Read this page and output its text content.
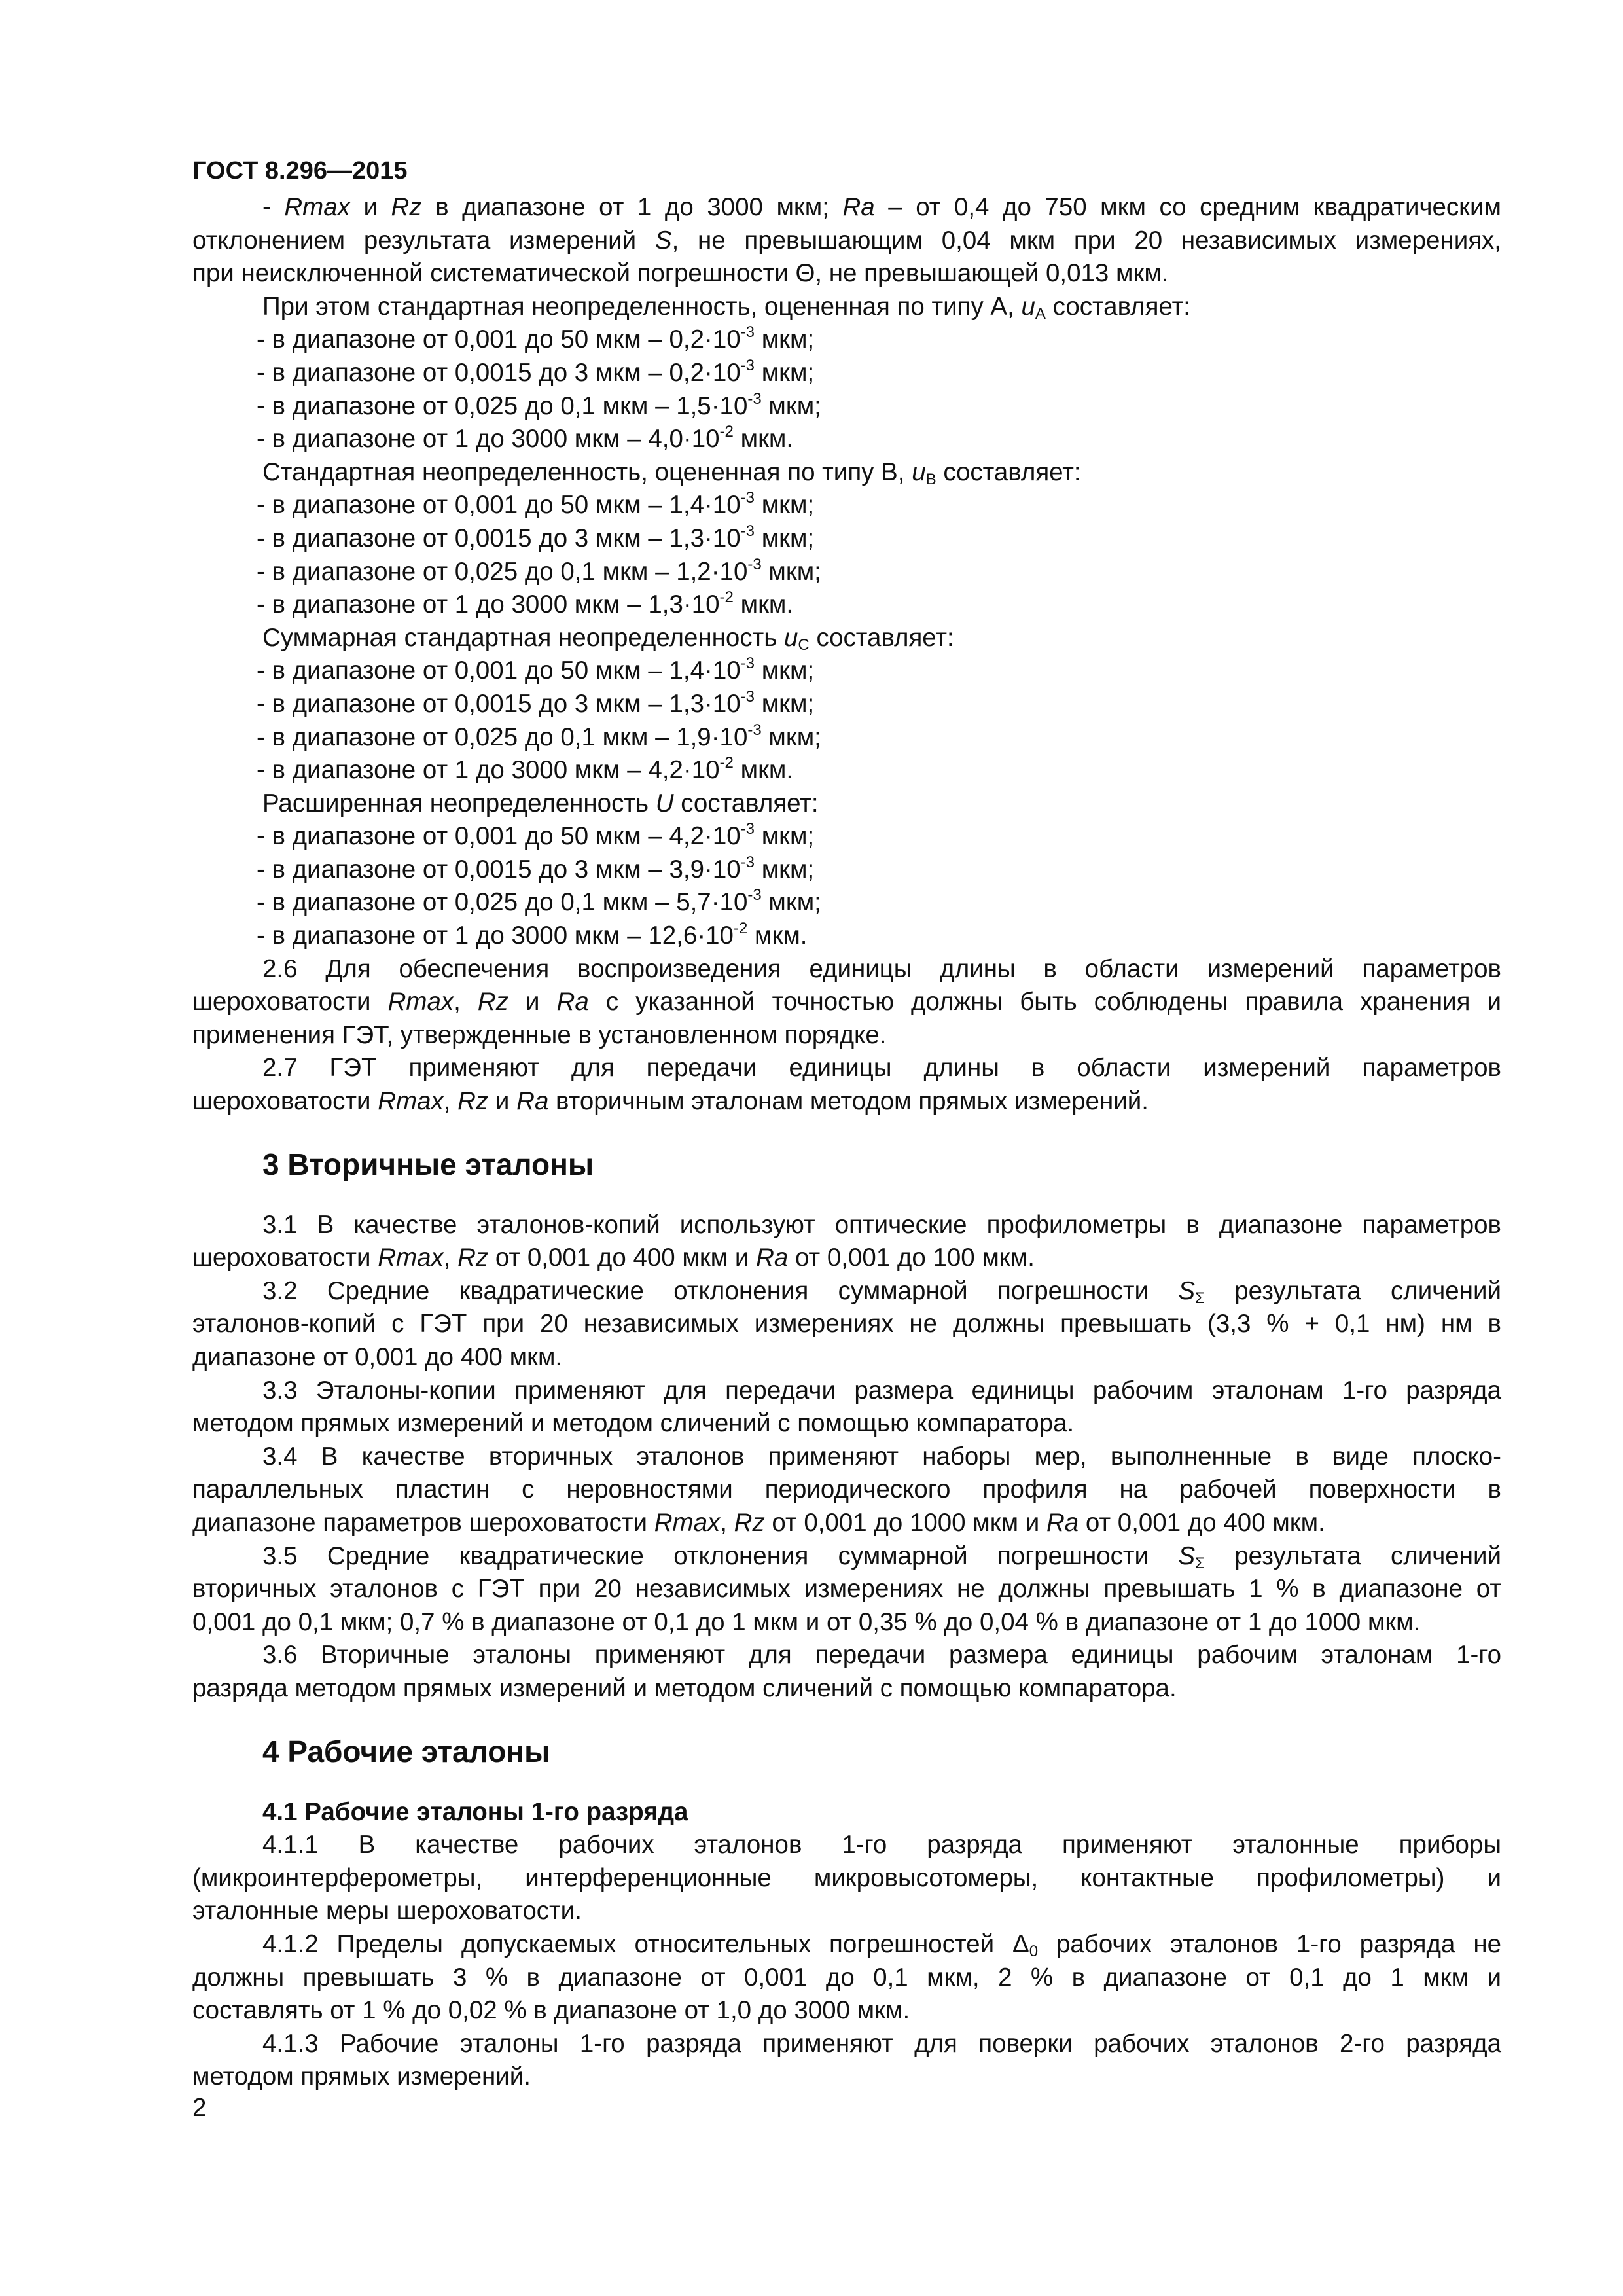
ГОСТ 8.296—2015
- Rmax и Rz в диапазоне от 1 до 3000 мкм; Ra – от 0,4 до 750 мкм со средним квадратическим
отклонением результата измерений S, не превышающим 0,04 мкм при 20 независимых измерениях,
при неисключенной систематической погрешности Θ, не превышающей 0,013 мкм.
При этом стандартная неопределенность, оцененная по типу А, $u_A$ составляет:
- в диапазоне от 0,001 до 50 мкм – $0,2\cdot 10^{-3}$ мкм;
- в диапазоне от 0,0015 до 3 мкм – $0,2\cdot 10^{-3}$ мкм;
- в диапазоне от 0,025 до 0,1 мкм – $1,5\cdot 10^{-3}$ мкм;
- в диапазоне от 1 до 3000 мкм – $4,0\cdot 10^{-2}$ мкм.
Стандартная неопределенность, оцененная по типу В, $u_B$ составляет:
- в диапазоне от 0,001 до 50 мкм – $1,4\cdot 10^{-3}$ мкм;
- в диапазоне от 0,0015 до 3 мкм – $1,3\cdot 10^{-3}$ мкм;
- в диапазоне от 0,025 до 0,1 мкм – $1,2\cdot 10^{-3}$ мкм;
- в диапазоне от 1 до 3000 мкм – $1,3\cdot 10^{-2}$ мкм.
Суммарная стандартная неопределенность $u_C$ составляет:
- в диапазоне от 0,001 до 50 мкм – $1,4\cdot 10^{-3}$ мкм;
- в диапазоне от 0,0015 до 3 мкм – $1,3\cdot 10^{-3}$ мкм;
- в диапазоне от 0,025 до 0,1 мкм – $1,9\cdot 10^{-3}$ мкм;
- в диапазоне от 1 до 3000 мкм – $4,2\cdot 10^{-2}$ мкм.
Расширенная неопределенность U составляет:
- в диапазоне от 0,001 до 50 мкм – $4,2\cdot 10^{-3}$ мкм;
- в диапазоне от 0,0015 до 3 мкм – $3,9\cdot 10^{-3}$ мкм;
- в диапазоне от 0,025 до 0,1 мкм – $5,7\cdot 10^{-3}$ мкм;
- в диапазоне от 1 до 3000 мкм – $12,6\cdot 10^{-2}$ мкм.
2.6 Для обеспечения воспроизведения единицы длины в области измерений параметров
шероховатости Rmax, Rz и Ra с указанной точностью должны быть соблюдены правила хранения и
применения ГЭТ, утвержденные в установленном порядке.
2.7 ГЭТ применяют для передачи единицы длины в области измерений параметров
шероховатости Rmax, Rz и Ra вторичным эталонам методом прямых измерений.
3 Вторичные эталоны
3.1 В качестве эталонов-копий используют оптические профилометры в диапазоне параметров
шероховатости Rmax, Rz от 0,001 до 400 мкм и Ra от 0,001 до 100 мкм.
3.2 Средние квадратические отклонения суммарной погрешности $S_\Sigma$ результата сличений
эталонов-копий с ГЭТ при 20 независимых измерениях не должны превышать (3,3 % + 0,1 нм) нм в
диапазоне от 0,001 до 400 мкм.
3.3 Эталоны-копии применяют для передачи размера единицы рабочим эталонам 1-го разряда
методом прямых измерений и методом сличений с помощью компаратора.
3.4 В качестве вторичных эталонов применяют наборы мер, выполненные в виде плоско-
параллельных пластин с неровностями периодического профиля на рабочей поверхности в
диапазоне параметров шероховатости Rmax, Rz от 0,001 до 1000 мкм и Ra от 0,001 до 400 мкм.
3.5 Средние квадратические отклонения суммарной погрешности $S_\Sigma$ результата сличений
вторичных эталонов с ГЭТ при 20 независимых измерениях не должны превышать 1 % в диапазоне от
0,001 до 0,1 мкм; 0,7 % в диапазоне от 0,1 до 1 мкм и от 0,35 % до 0,04 % в диапазоне от 1 до 1000 мкм.
3.6 Вторичные эталоны применяют для передачи размера единицы рабочим эталонам 1-го
разряда методом прямых измерений и методом сличений с помощью компаратора.
4 Рабочие эталоны
4.1 Рабочие эталоны 1-го разряда
4.1.1 В качестве рабочих эталонов 1-го разряда применяют эталонные приборы
(микроинтерферометры, интерференционные микровысотомеры, контактные профилометры) и
эталонные меры шероховатости.
4.1.2 Пределы допускаемых относительных погрешностей $\Delta_0$ рабочих эталонов 1-го разряда не
должны превышать 3 % в диапазоне от 0,001 до 0,1 мкм, 2 % в диапазоне от 0,1 до 1 мкм и
составлять от 1 % до 0,02 % в диапазоне от 1,0 до 3000 мкм.
4.1.3 Рабочие эталоны 1-го разряда применяют для поверки рабочих эталонов 2-го разряда
методом прямых измерений.
2
